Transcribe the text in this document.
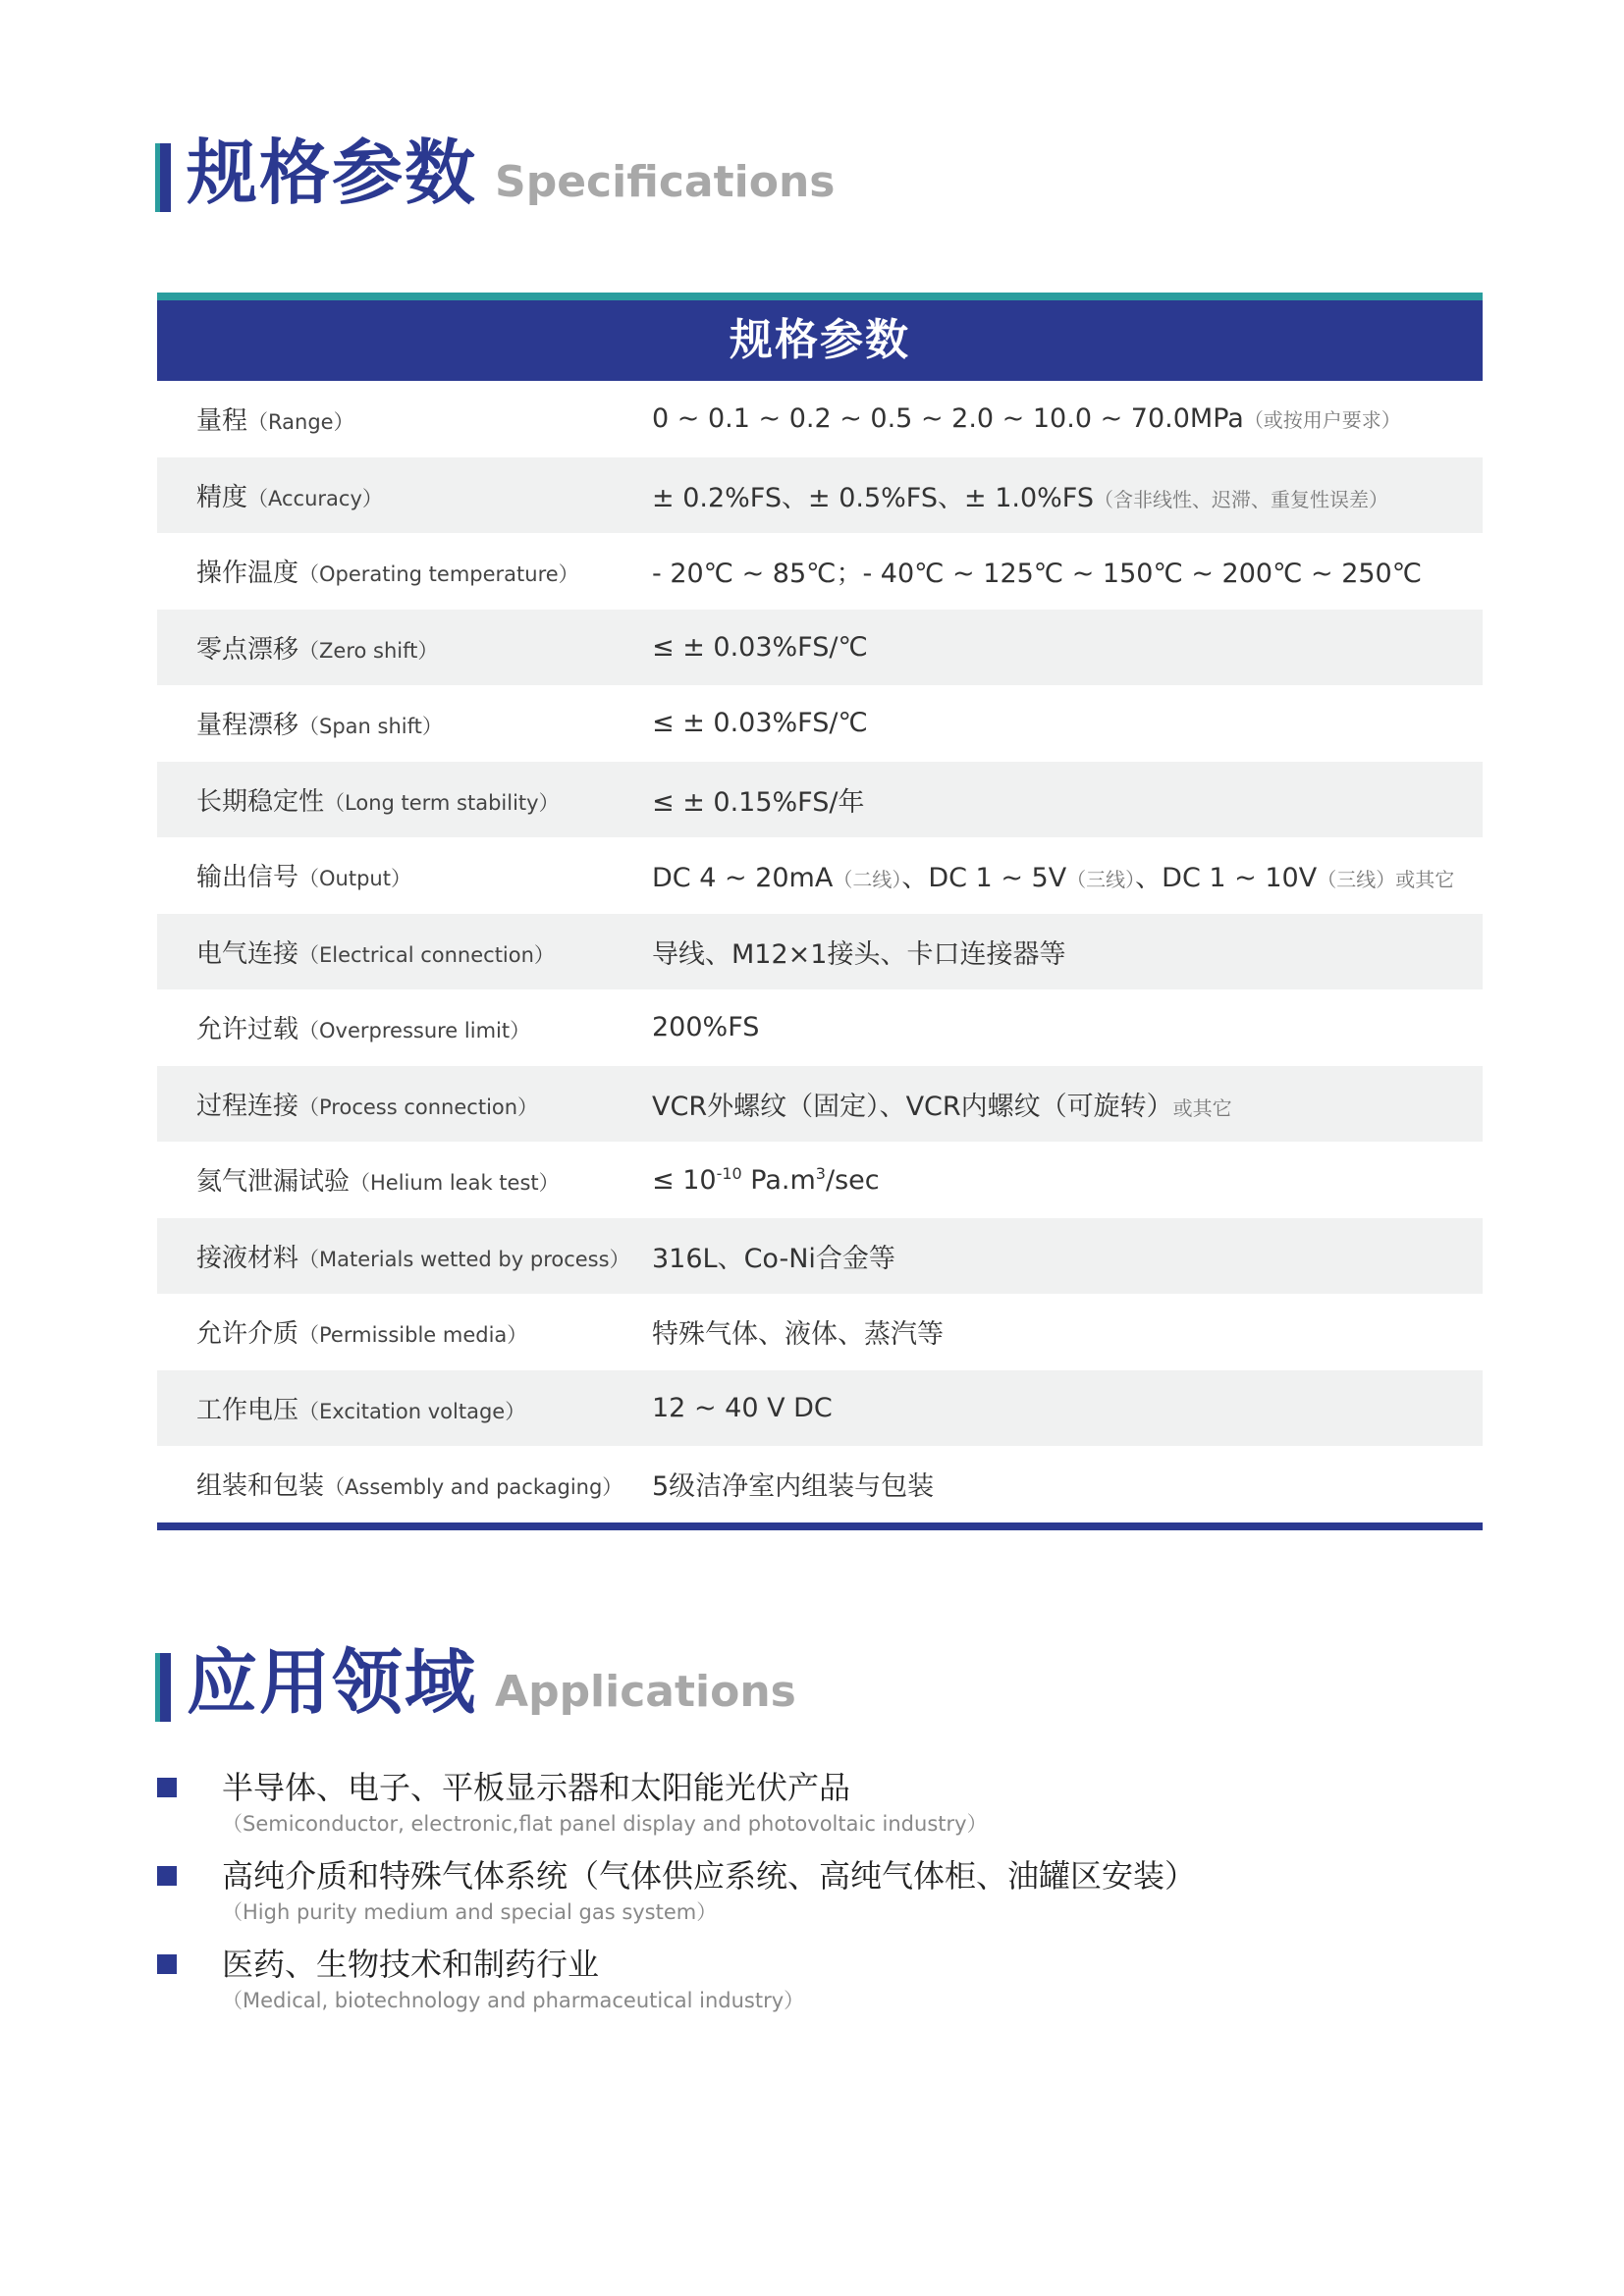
规格参数 Specifications
规格参数
量程（Range）	0 ~ 0.1 ~ 0.2 ~ 0.5 ~ 2.0 ~ 10.0 ~ 70.0MPa（或按用户要求）
精度（Accuracy）	± 0.2%FS、± 0.5%FS、± 1.0%FS（含非线性、迟滞、重复性误差）
操作温度（Operating temperature）	- 20℃ ~ 85℃；- 40℃ ~ 125℃ ~ 150℃ ~ 200℃ ~ 250℃
零点漂移（Zero shift）	≤ ± 0.03%FS/℃
量程漂移（Span shift）	≤ ± 0.03%FS/℃
长期稳定性（Long term stability）	≤ ± 0.15%FS/年
输出信号（Output）	DC 4 ~ 20mA（二线）、DC 1 ~ 5V（三线）、DC 1 ~ 10V（三线）或其它
电气连接（Electrical connection）	导线、M12×1接头、卡口连接器等
允许过载（Overpressure limit）	200%FS
过程连接（Process connection）	VCR外螺纹（固定）、VCR内螺纹（可旋转）或其它
氦气泄漏试验（Helium leak test）	≤ $10^{-10}$ $Pa.m^3/\sec$
接液材料（Materials wetted by process） 316L、Co-Ni合金等
允许介质（Permissible media）	特殊气体、液体、蒸汽等
工作电压（Excitation voltage）	12 ~ 40 V DC
组装和包装（Assembly and packaging）	5级洁净室内组装与包装
应用领域 Applications
半导体、电子、平板显示器和太阳能光伏产品
（Semiconductor, electronic,flat panel display and photovoltaic industry）
高纯介质和特殊气体系统（气体供应系统、高纯气体柜、油罐区安装）
（High purity medium and special gas system）
医药、生物技术和制药行业
（Medical, biotechnology and pharmaceutical industry）
